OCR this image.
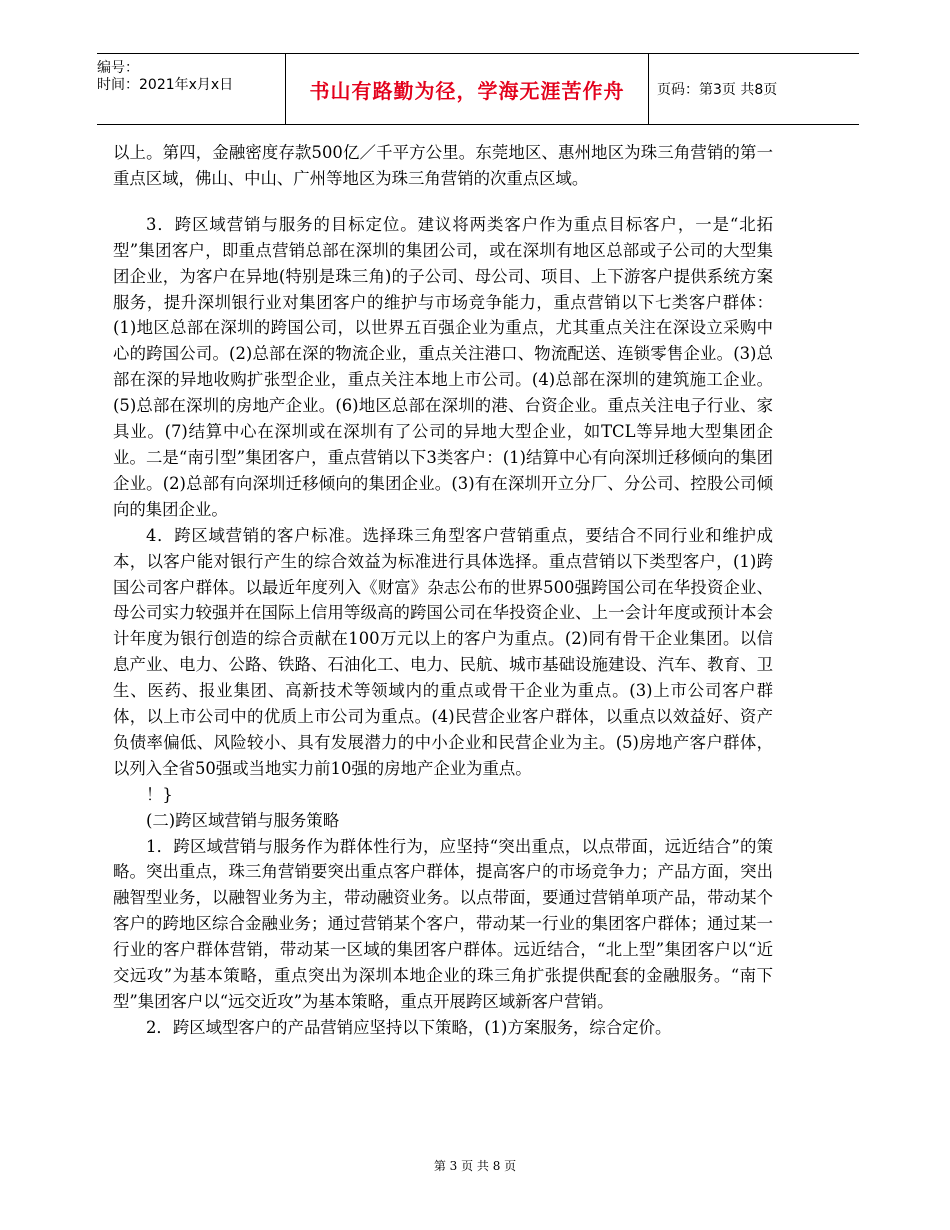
编号：
时间：2021年x月x日	书山有路勤为径，学海无涯苦作舟	页码：第3页 共8页

以上。第四，金融密度存款500亿／千平方公里。东莞地区、惠州地区为珠三角营销的第一重点区域，佛山、中山、广州等地区为珠三角营销的次重点区域。

3．跨区域营销与服务的目标定位。建议将两类客户作为重点目标客户，一是“北拓型”集团客户，即重点营销总部在深圳的集团公司，或在深圳有地区总部或子公司的大型集团企业，为客户在异地(特别是珠三角)的子公司、母公司、项目、上下游客户提供系统方案服务，提升深圳银行业对集团客户的维护与市场竞争能力，重点营销以下七类客户群体：(1)地区总部在深圳的跨国公司，以世界五百强企业为重点，尤其重点关注在深设立采购中心的跨国公司。(2)总部在深的物流企业，重点关注港口、物流配送、连锁零售企业。(3)总部在深的异地收购扩张型企业，重点关注本地上市公司。(4)总部在深圳的建筑施工企业。(5)总部在深圳的房地产企业。(6)地区总部在深圳的港、台资企业。重点关注电子行业、家具业。(7)结算中心在深圳或在深圳有了公司的异地大型企业，如TCL等异地大型集团企业。二是“南引型”集团客户，重点营销以下3类客户：(1)结算中心有向深圳迁移倾向的集团企业。(2)总部有向深圳迁移倾向的集团企业。(3)有在深圳开立分厂、分公司、控股公司倾向的集团企业。

4．跨区域营销的客户标准。选择珠三角型客户营销重点，要结合不同行业和维护成本，以客户能对银行产生的综合效益为标准进行具体选择。重点营销以下类型客户，(1)跨国公司客户群体。以最近年度列入《财富》杂志公布的世界500强跨国公司在华投资企业、母公司实力较强并在国际上信用等级高的跨国公司在华投资企业、上一会计年度或预计本会计年度为银行创造的综合贡献在100万元以上的客户为重点。(2)同有骨干企业集团。以信息产业、电力、公路、铁路、石油化工、电力、民航、城市基础设施建设、汽车、教育、卫生、医药、报业集团、高新技术等领域内的重点或骨干企业为重点。(3)上市公司客户群体，以上市公司中的优质上市公司为重点。(4)民营企业客户群体，以重点以效益好、资产负债率偏低、风险较小、具有发展潜力的中小企业和民营企业为主。(5)房地产客户群体，以列入全省50强或当地实力前10强的房地产企业为重点。

！}

(二)跨区域营销与服务策略

1．跨区域营销与服务作为群体性行为，应坚持“突出重点，以点带面，远近结合”的策略。突出重点，珠三角营销要突出重点客户群体，提高客户的市场竞争力；产品方面，突出融智型业务，以融智业务为主，带动融资业务。以点带面，要通过营销单项产品，带动某个客户的跨地区综合金融业务；通过营销某个客户，带动某一行业的集团客户群体；通过某一行业的客户群体营销，带动某一区域的集团客户群体。远近结合，“北上型”集团客户以“近交远攻”为基本策略，重点突出为深圳本地企业的珠三角扩张提供配套的金融服务。“南下型”集团客户以“远交近攻”为基本策略，重点开展跨区域新客户营销。

2．跨区域型客户的产品营销应坚持以下策略，(1)方案服务，综合定价。

第 3 页 共 8 页
